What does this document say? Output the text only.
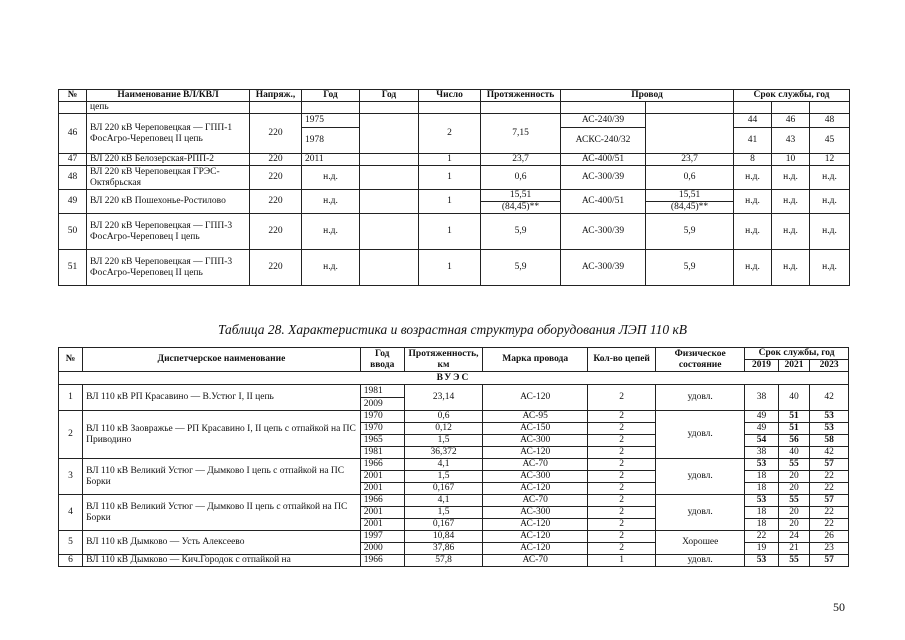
№	Наименование ВЛ/КВЛ	Напряж.,	Год	Год	Число	Протяженность	Провод		Срок службы, год		
	цепь										
46	ВЛ 220 кВ Череповецкая — ГПП-1 ФосАгро-Череповец II цепь	220	1975		2	7,15	АС-240/39		44	46	48
			1978				АСКС-240/32		41	43	45
47	ВЛ 220 кВ Белозерская-РПП-2	220	2011		1	23,7	АС-400/51	23,7	8	10	12
48	ВЛ 220 кВ Череповецкая ГРЭС-Октябрьская	220	н.д.		1	0,6	АС-300/39	0,6	н.д.	н.д.	н.д.
49	ВЛ 220 кВ Пошехонье-Ростилово	220	н.д.		1	15,51	АС-400/51	15,51	н.д.	н.д.	н.д.
						(84,45)**		(84,45)**			
50	ВЛ 220 кВ Череповецкая — ГПП-3 ФосАгро-Череповец I цепь	220	н.д.		1	5,9	АС-300/39	5,9	н.д.	н.д.	н.д.
51	ВЛ 220 кВ Череповецкая — ГПП-3 ФосАгро-Череповец II цепь	220	н.д.		1	5,9	АС-300/39	5,9	н.д.	н.д.	н.д.
Таблица 28. Характеристика и возрастная структура оборудования ЛЭП 110 кВ
№	Диспетчерское наименование	Год ввода	Протяженность, км	Марка провода	Кол-во цепей	Физическое состояние	Срок службы, год		
							2019	2021	2023
ВУЭС									
1	ВЛ 110 кВ РП Красавино — В.Устюг I, II цепь	1981	23,14	АС-120	2	удовл.	38	40	42
		2009							
2	ВЛ 110 кВ Заовражье — РП Красавино I, II цепь с отпайкой на ПС Приводино	1970	0,6	АС-95	2	удовл.	49	51	53
		1970	0,12	АС-150	2		49	51	53
		1965	1,5	АС-300	2		54	56	58
		1981	36,372	АС-120	2		38	40	42
3	ВЛ 110 кВ Великий Устюг — Дымково I цепь с отпайкой на ПС Борки	1966	4,1	АС-70	2	удовл.	53	55	57
		2001	1,5	АС-300	2		18	20	22
		2001	0,167	АС-120	2		18	20	22
4	ВЛ 110 кВ Великий Устюг — Дымково II цепь с отпайкой на ПС Борки	1966	4,1	АС-70	2	удовл.	53	55	57
		2001	1,5	АС-300	2		18	20	22
		2001	0,167	АС-120	2		18	20	22
5	ВЛ 110 кВ Дымково — Усть Алексеево	1997	10,84	АС-120	2	Хорошее	22	24	26
		2000	37,86	АС-120	2		19	21	23
6	ВЛ 110 кВ Дымково — Кич.Городок с отпайкой на	1966	57,8	АС-70	1	удовл.	53	55	57
50
